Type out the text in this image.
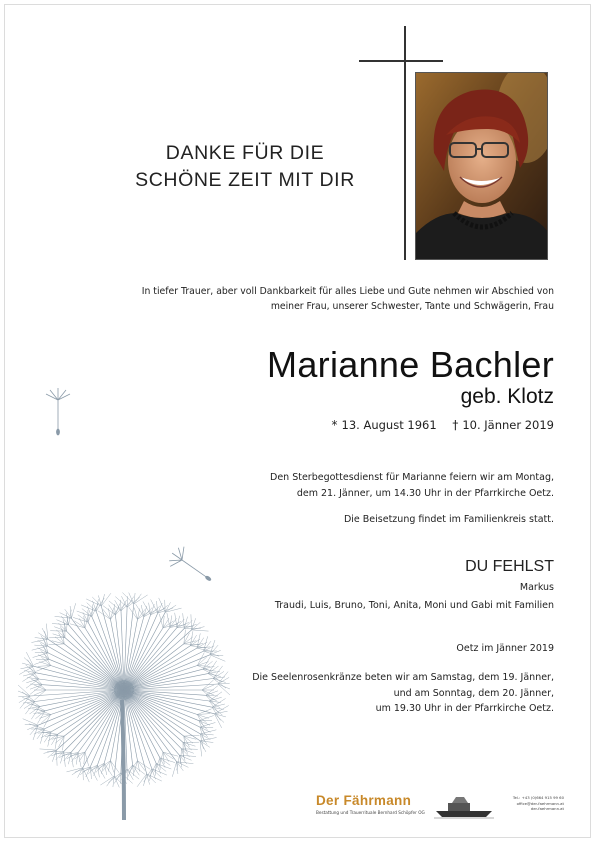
DANKE FÜR DIE
SCHÖNE ZEIT MIT DIR
In tiefer Trauer, aber voll Dankbarkeit für alles Liebe und Gute nehmen wir Abschied von
meiner Frau, unserer Schwester, Tante und Schwägerin, Frau
Marianne Bachler
geb. Klotz
* 13. August 1961 † 10. Jänner 2019
Den Sterbegottesdienst für Marianne feiern wir am Montag,
dem 21. Jänner, um 14.30 Uhr in der Pfarrkirche Oetz.
Die Beisetzung findet im Familienkreis statt.
DU FEHLST
Markus
Traudi, Luis, Bruno, Toni, Anita, Moni und Gabi mit Familien
Oetz im Jänner 2019
Die Seelenrosenkränze beten wir am Samstag, dem 19. Jänner,
und am Sonntag, dem 20. Jänner,
um 19.30 Uhr in der Pfarrkirche Oetz.
Der Fährmann
Bestattung und Trauerrituale Bernhard Schöpfer OG
Tel.: +43 (0)664 915 99 60
office@der-faehrmann.at
der-faehrmann.at
